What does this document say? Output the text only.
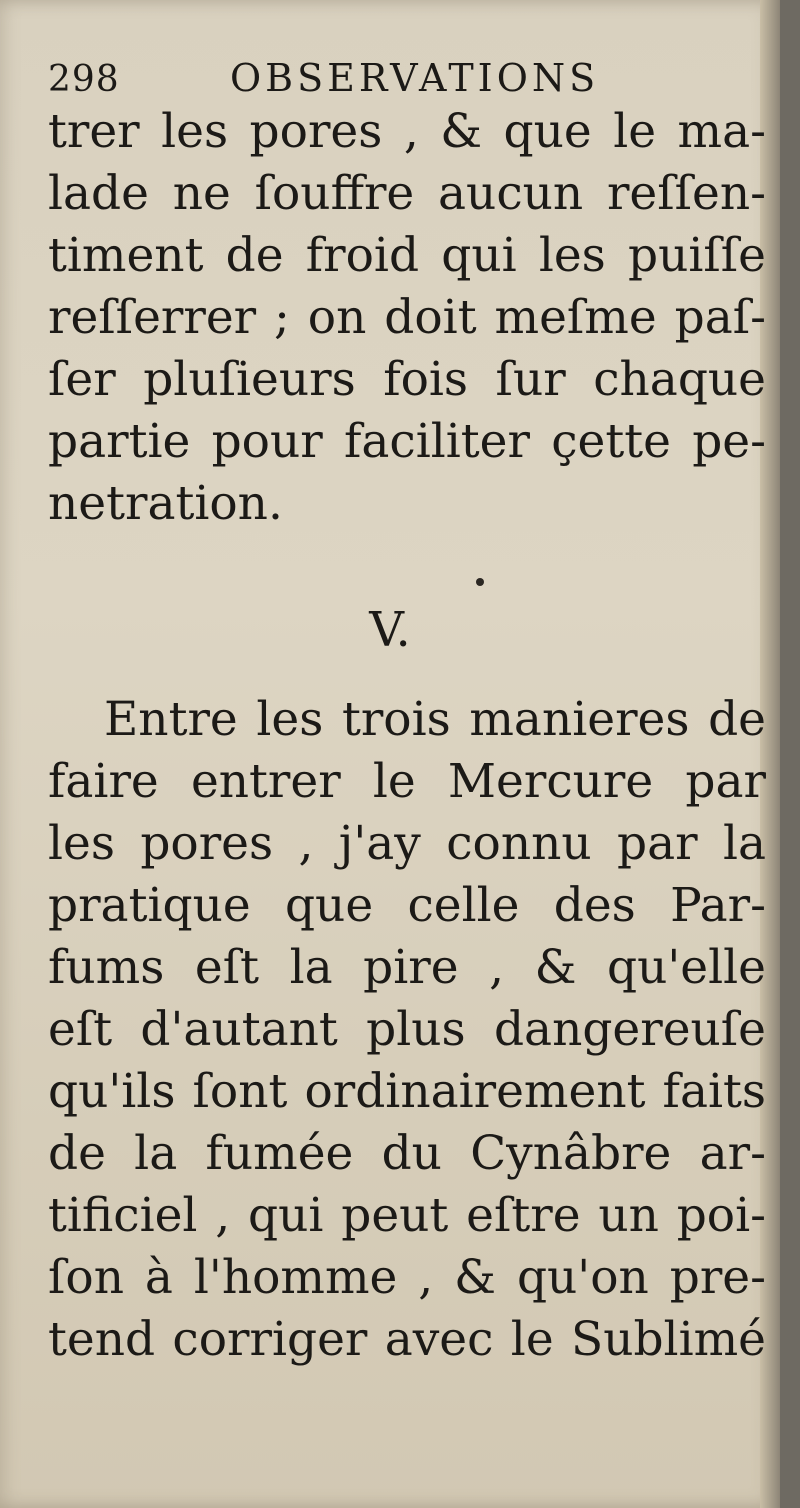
298	OBSERVATIONS
trer les pores , & que le ma-
lade ne ſouffre aucun reſſen-
timent de froid qui les puiſſe
reſſerrer ; on doit meſme paſ-
ſer pluſieurs fois ſur chaque
partie pour faciliter çette pe-
netration.
V.
Entre les trois manieres de
faire entrer le Mercure par
les pores , j'ay connu par la
pratique que celle des Par-
fums eſt la pire , & qu'elle
eſt d'autant plus dangereuſe
qu'ils ſont ordinairement faits
de la fumée du Cynâbre ar-
tificiel , qui peut eſtre un poi-
ſon à l'homme , & qu'on pre-
tend corriger avec le Sublimé
